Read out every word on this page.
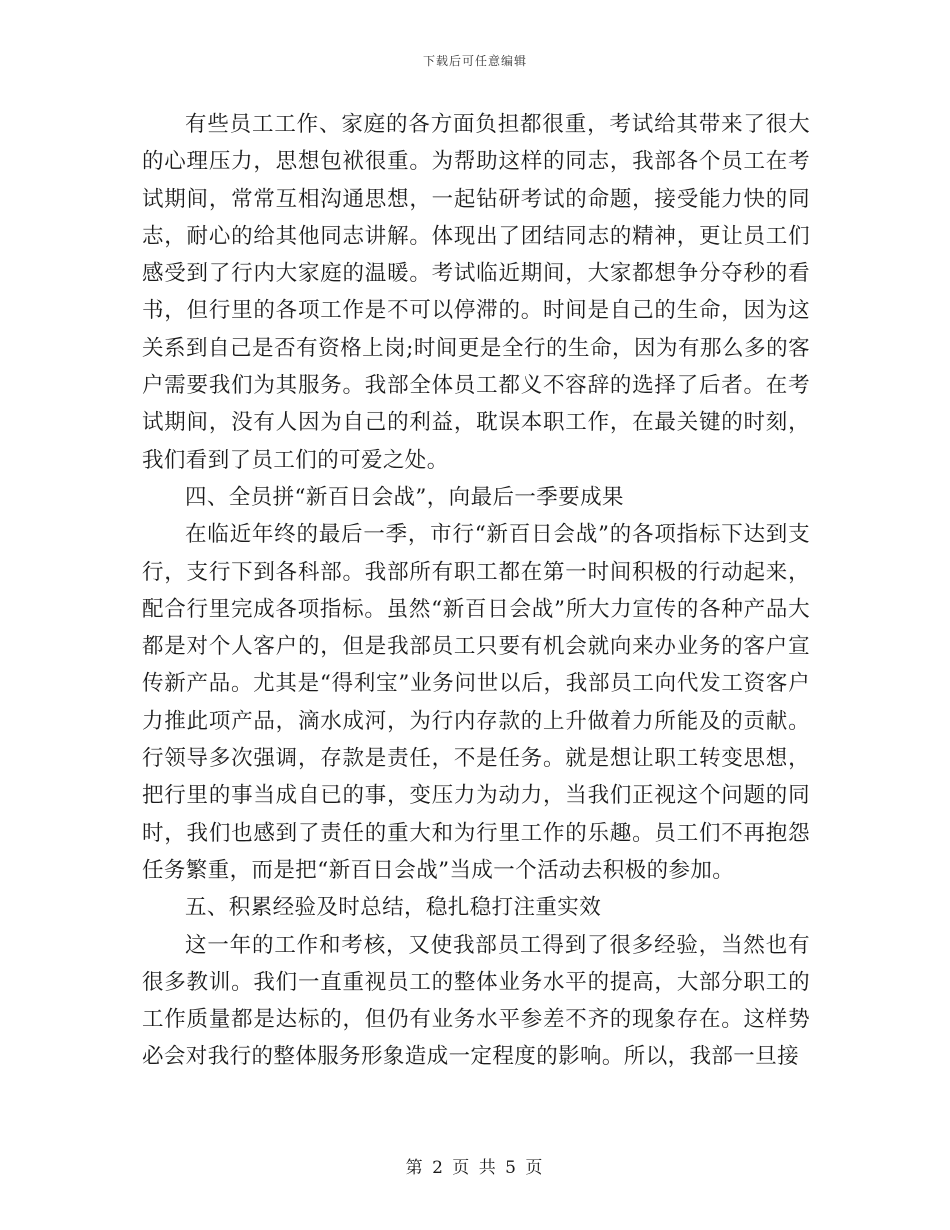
下载后可任意编辑

有些员工工作、家庭的各方面负担都很重，考试给其带来了很大的心理压力，思想包袱很重。为帮助这样的同志，我部各个员工在考试期间，常常互相沟通思想，一起钻研考试的命题，接受能力快的同志，耐心的给其他同志讲解。体现出了团结同志的精神，更让员工们感受到了行内大家庭的温暖。考试临近期间，大家都想争分夺秒的看书，但行里的各项工作是不可以停滞的。时间是自己的生命，因为这关系到自己是否有资格上岗;时间更是全行的生命，因为有那么多的客户需要我们为其服务。我部全体员工都义不容辞的选择了后者。在考试期间，没有人因为自己的利益，耽误本职工作，在最关键的时刻，我们看到了员工们的可爱之处。

四、全员拼“新百日会战”，向最后一季要成果

在临近年终的最后一季，市行“新百日会战”的各项指标下达到支行，支行下到各科部。我部所有职工都在第一时间积极的行动起来，配合行里完成各项指标。虽然“新百日会战”所大力宣传的各种产品大都是对个人客户的，但是我部员工只要有机会就向来办业务的客户宣传新产品。尤其是“得利宝”业务问世以后，我部员工向代发工资客户力推此项产品，滴水成河，为行内存款的上升做着力所能及的贡献。行领导多次强调，存款是责任，不是任务。就是想让职工转变思想，把行里的事当成自已的事，变压力为动力，当我们正视这个问题的同时，我们也感到了责任的重大和为行里工作的乐趣。员工们不再抱怨任务繁重，而是把“新百日会战”当成一个活动去积极的参加。

五、积累经验及时总结，稳扎稳打注重实效

这一年的工作和考核，又使我部员工得到了很多经验，当然也有很多教训。我们一直重视员工的整体业务水平的提高，大部分职工的工作质量都是达标的，但仍有业务水平参差不齐的现象存在。这样势必会对我行的整体服务形象造成一定程度的影响。所以，我部一旦接

第 2 页 共 5 页
